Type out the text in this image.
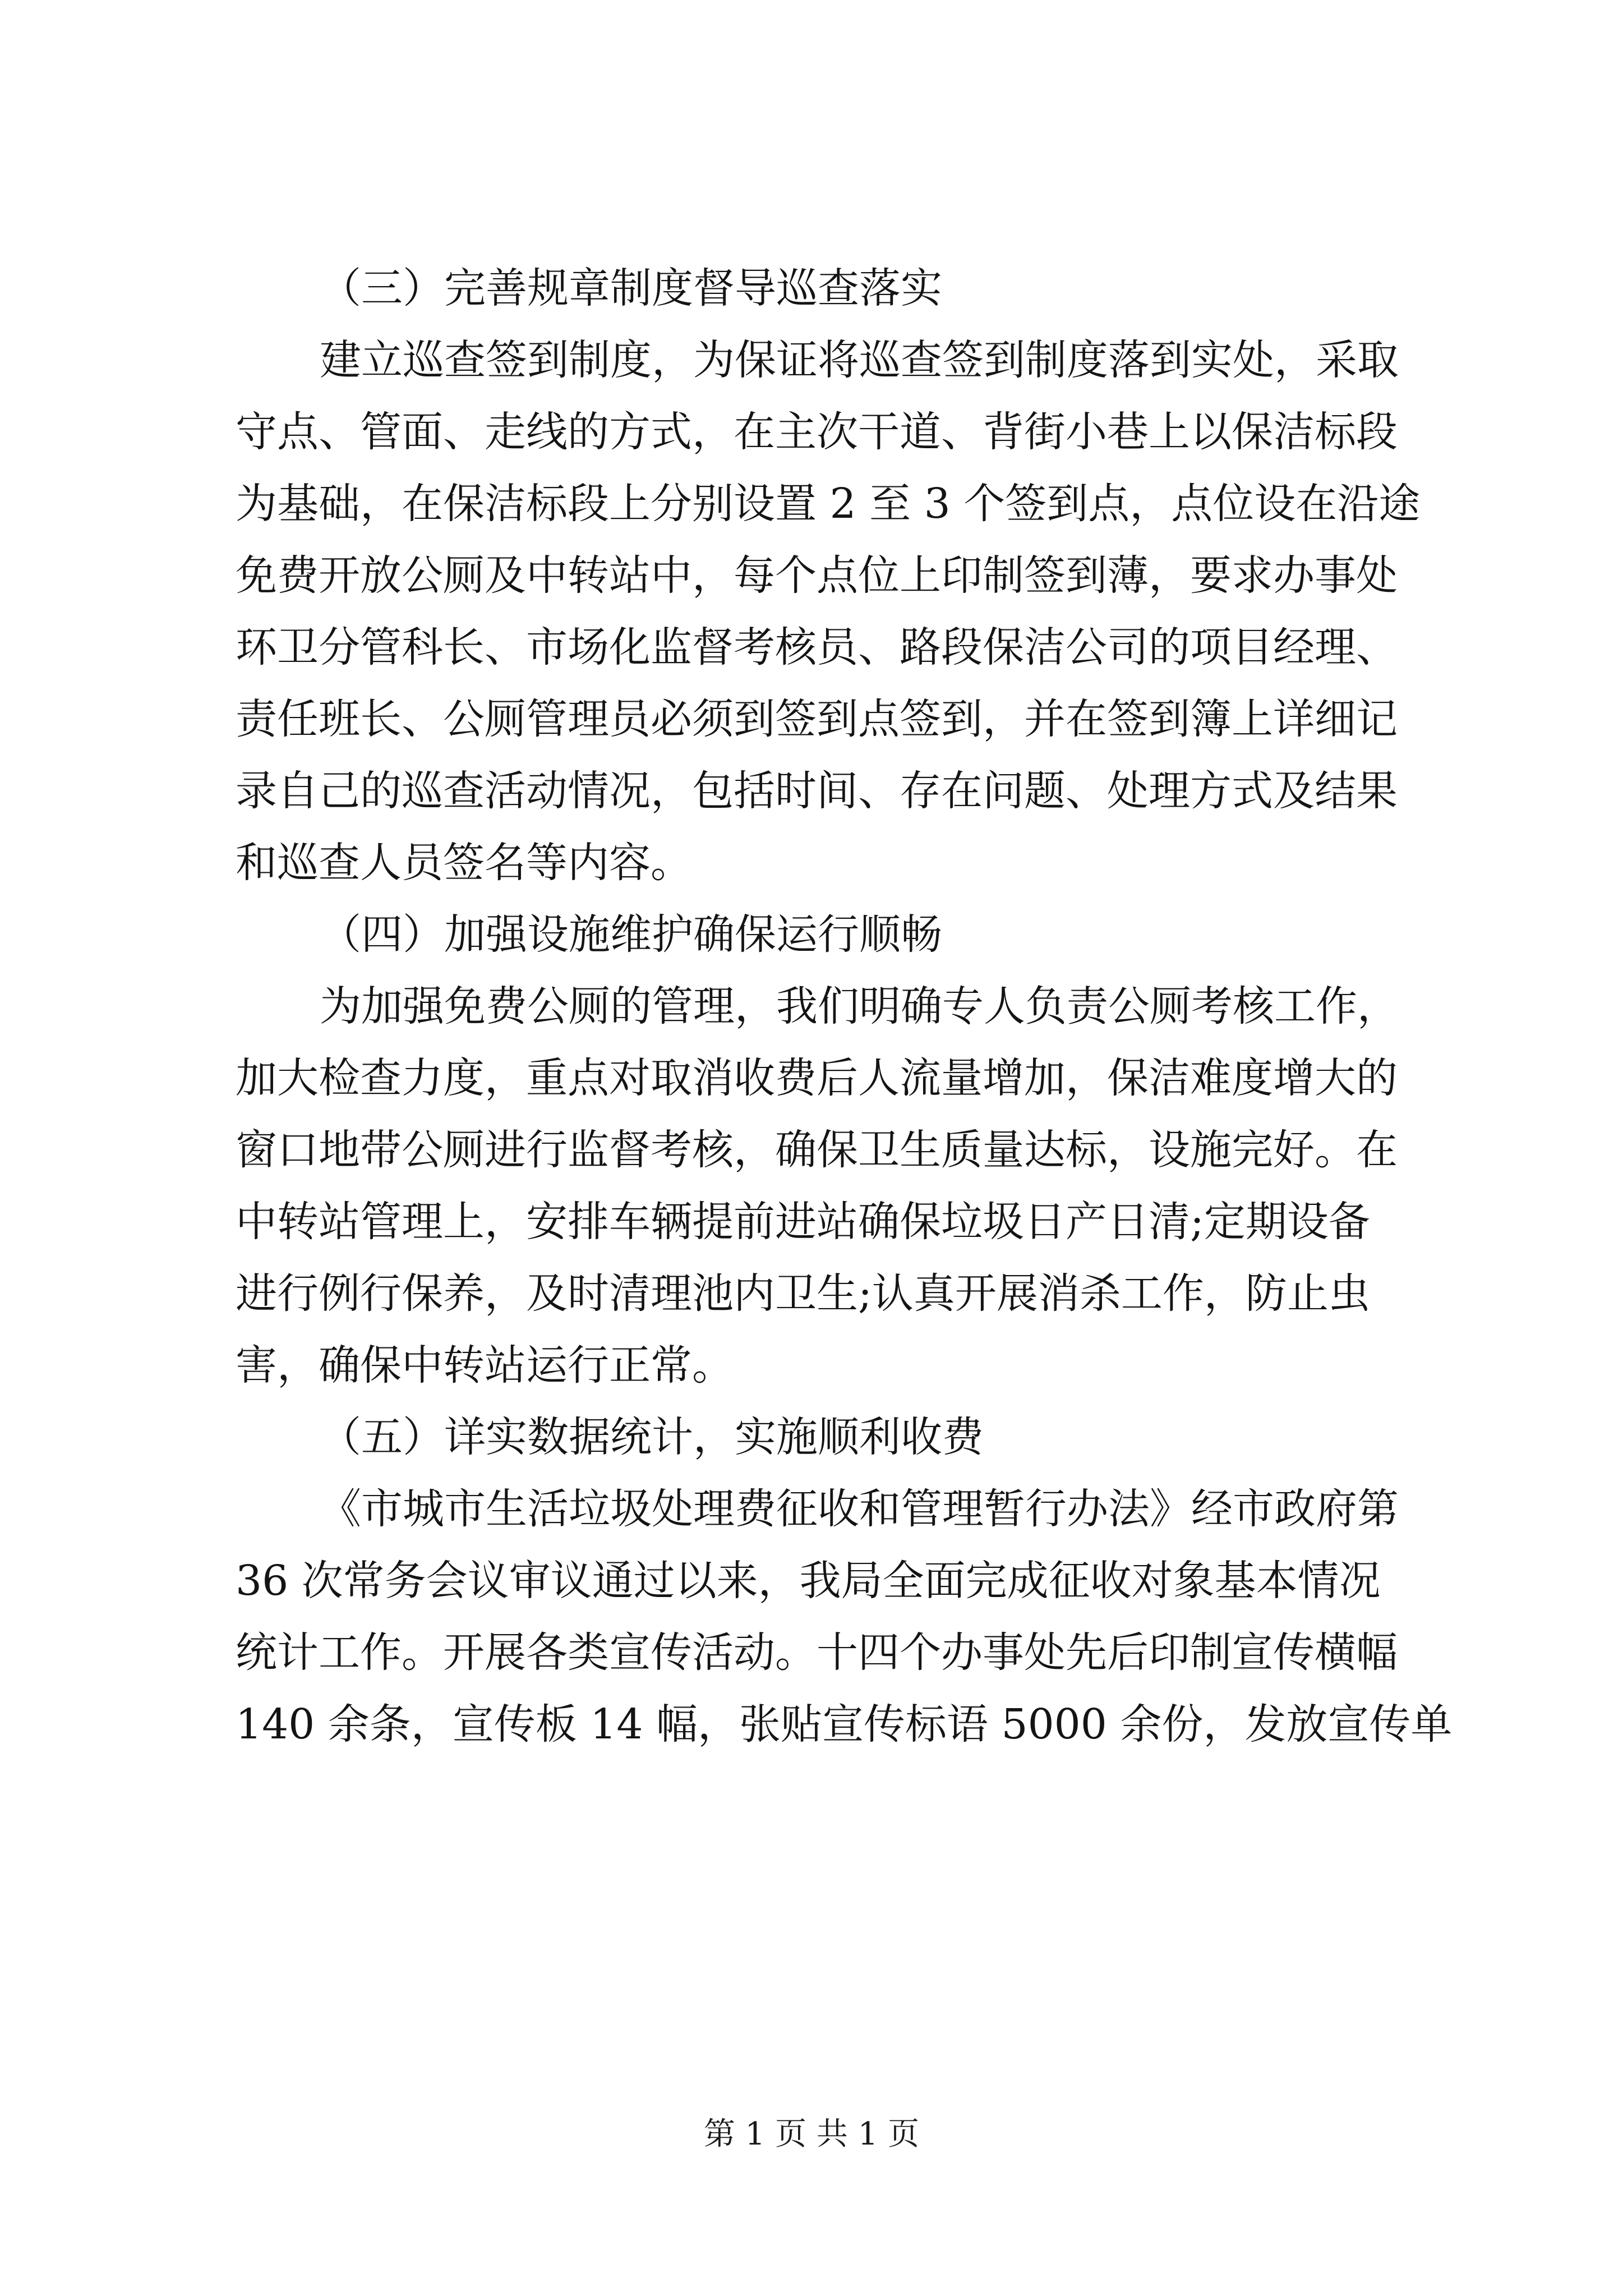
（三）完善规章制度督导巡查落实
建立巡查签到制度，为保证将巡查签到制度落到实处，采取
守点、管面、走线的方式，在主次干道、背街小巷上以保洁标段
为基础，在保洁标段上分别设置 2 至 3 个签到点，点位设在沿途
免费开放公厕及中转站中，每个点位上印制签到薄，要求办事处
环卫分管科长、市场化监督考核员、路段保洁公司的项目经理、
责任班长、公厕管理员必须到签到点签到，并在签到簿上详细记
录自己的巡查活动情况，包括时间、存在问题、处理方式及结果
和巡查人员签名等内容。
（四）加强设施维护确保运行顺畅
为加强免费公厕的管理，我们明确专人负责公厕考核工作，
加大检查力度，重点对取消收费后人流量增加，保洁难度增大的
窗口地带公厕进行监督考核，确保卫生质量达标，设施完好。在
中转站管理上，安排车辆提前进站确保垃圾日产日清;定期设备
进行例行保养，及时清理池内卫生;认真开展消杀工作，防止虫
害，确保中转站运行正常。
（五）详实数据统计，实施顺利收费
《市城市生活垃圾处理费征收和管理暂行办法》经市政府第
36 次常务会议审议通过以来，我局全面完成征收对象基本情况
统计工作。开展各类宣传活动。十四个办事处先后印制宣传横幅
140 余条，宣传板 14 幅，张贴宣传标语 5000 余份，发放宣传单
第 1 页 共 1 页
